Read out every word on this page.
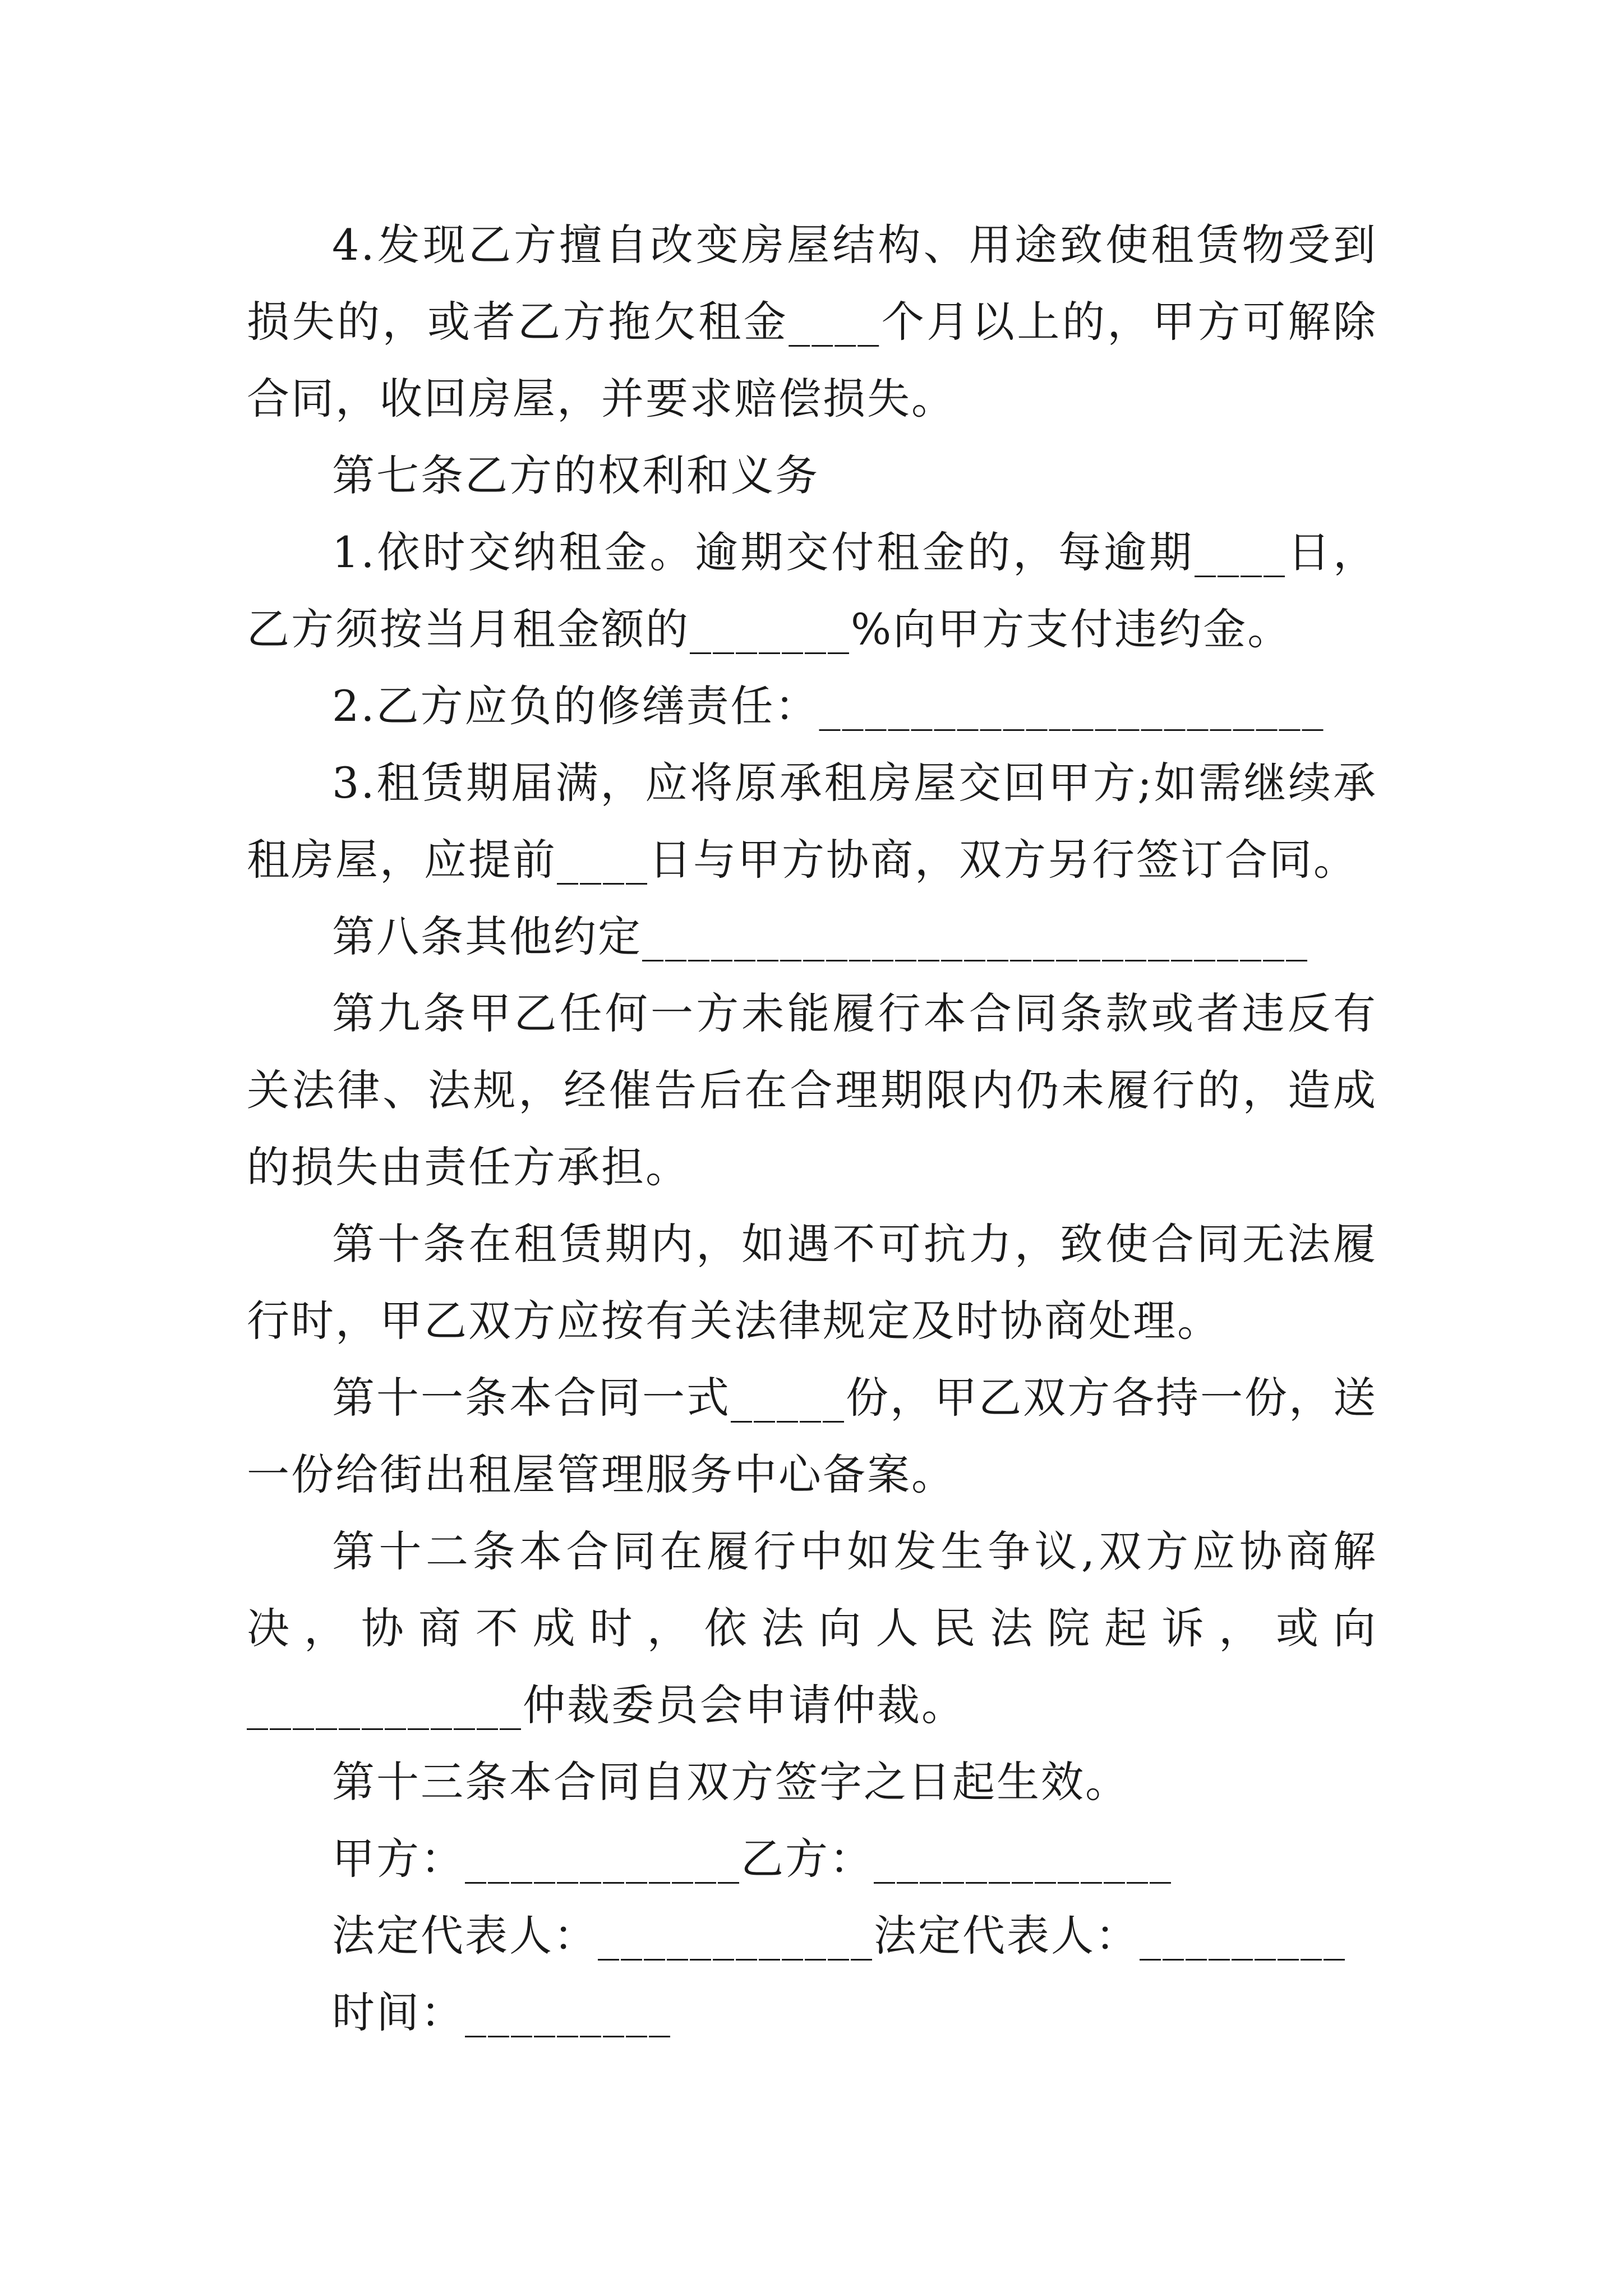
4.发现乙方擅自改变房屋结构、用途致使租赁物受到损失的，或者乙方拖欠租金____个月以上的，甲方可解除合同，收回房屋，并要求赔偿损失。

第七条乙方的权利和义务

1.依时交纳租金。逾期交付租金的，每逾期____日，乙方须按当月租金额的_______%向甲方支付违约金。

2.乙方应负的修缮责任：______________________

3.租赁期届满，应将原承租房屋交回甲方;如需继续承租房屋，应提前____日与甲方协商，双方另行签订合同。

第八条其他约定_____________________________

第九条甲乙任何一方未能履行本合同条款或者违反有关法律、法规，经催告后在合理期限内仍未履行的，造成的损失由责任方承担。

第十条在租赁期内，如遇不可抗力，致使合同无法履行时，甲乙双方应按有关法律规定及时协商处理。

第十一条本合同一式_____份，甲乙双方各持一份，送一份给街出租屋管理服务中心备案。

第十二条本合同在履行中如发生争议,双方应协商解决，协商不成时，依法向人民法院起诉，或向____________仲裁委员会申请仲裁。

第十三条本合同自双方签字之日起生效。

甲方：____________乙方：_____________

法定代表人：____________法定代表人：_________

时间：_________
